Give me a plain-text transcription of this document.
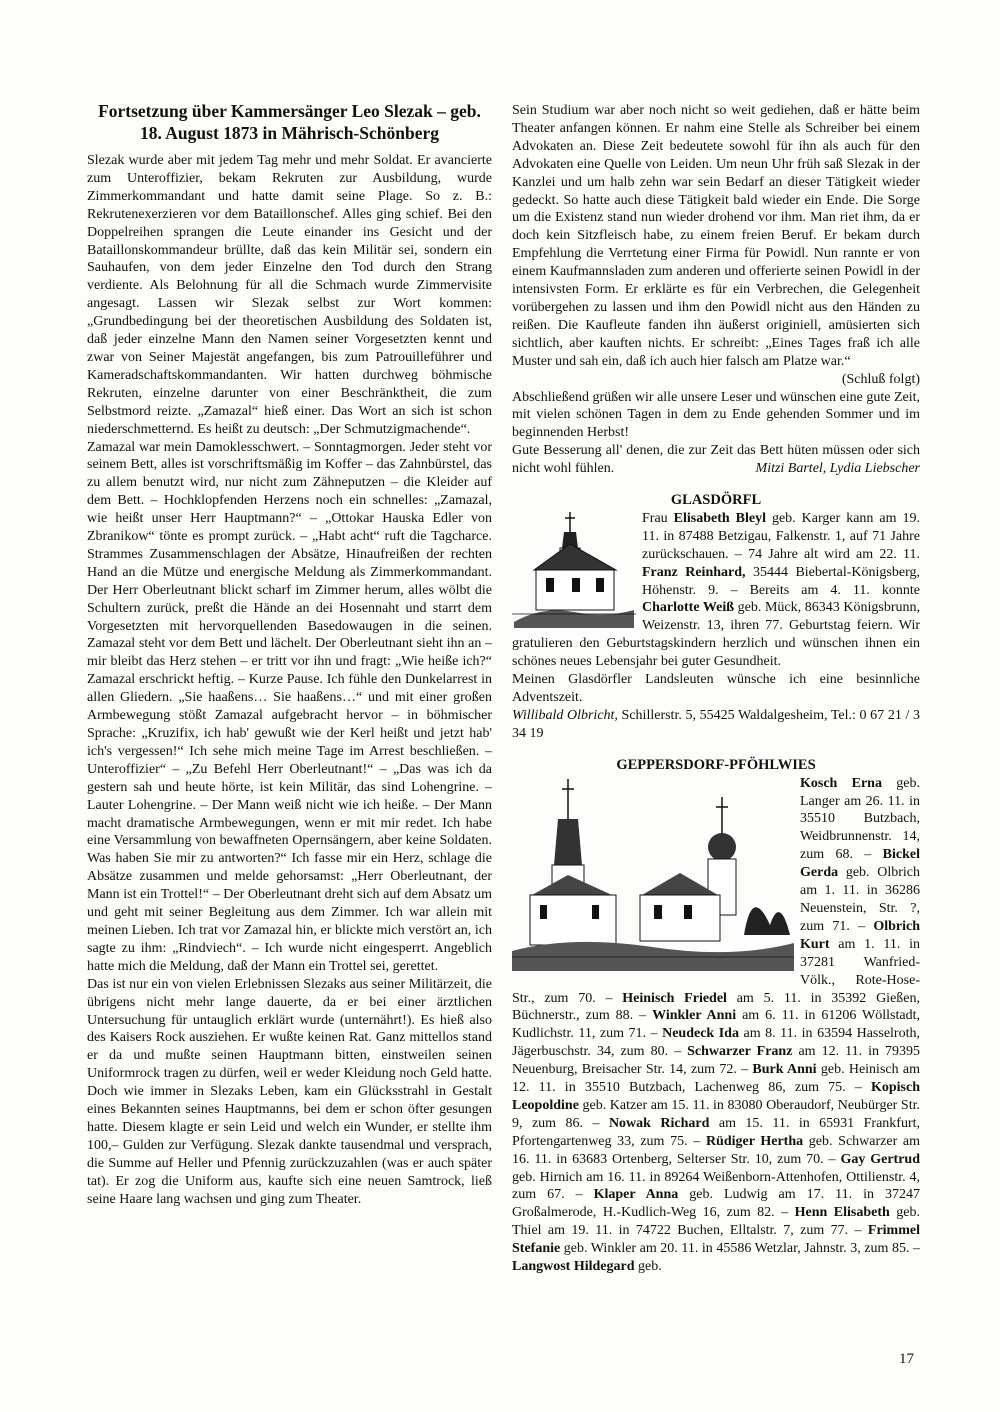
Fortsetzung über Kammersänger Leo Slezak – geb. 18. August 1873 in Mährisch-Schönberg

Slezak wurde aber mit jedem Tag mehr und mehr Soldat. Er avancierte zum Unteroffizier, bekam Rekruten zur Ausbildung, wurde Zimmerkommandant und hatte damit seine Plage. So z. B.: Rekrutenexerzieren vor dem Bataillonschef. Alles ging schief. Bei den Doppelreihen sprangen die Leute einander ins Gesicht und der Bataillonskommandeur brüllte, daß das kein Militär sei, sondern ein Sauhaufen, von dem jeder Einzelne den Tod durch den Strang verdiente. Als Belohnung für all die Schmach wurde Zimmervisite angesagt. Lassen wir Slezak selbst zur Wort kommen: „Grundbedingung bei der theoretischen Ausbildung des Soldaten ist, daß jeder einzelne Mann den Namen seiner Vorgesetzten kennt und zwar von Seiner Majestät angefangen, bis zum Patrouilleführer und Kameradschaftskommandanten. Wir hatten durchweg böhmische Rekruten, einzelne darunter von einer Beschränktheit, die zum Selbstmord reizte. „Zamazal“ hieß einer. Das Wort an sich ist schon niederschmetternd. Es heißt zu deutsch: „Der Schmutzigmachende“.

Zamazal war mein Damoklesschwert. – Sonntagmorgen. Jeder steht vor seinem Bett, alles ist vorschriftsmäßig im Koffer – das Zahnbürstel, das zu allem benutzt wird, nur nicht zum Zähneputzen – die Kleider auf dem Bett. – Hochklopfenden Herzens noch ein schnelles: „Zamazal, wie heißt unser Herr Hauptmann?“ – „Ottokar Hauska Edler von Zbranikow“ tönte es prompt zurück. – „Habt acht“ ruft die Tagcharce. Strammes Zusammenschlagen der Absätze, Hinaufreißen der rechten Hand an die Mütze und energische Meldung als Zimmerkommandant. Der Herr Oberleutnant blickt scharf im Zimmer herum, alles wölbt die Schultern zurück, preßt die Hände an dei Hosennaht und starrt dem Vorgesetzten mit hervorquellenden Basedowaugen in die seinen. Zamazal steht vor dem Bett und lächelt. Der Oberleutnant sieht ihn an – mir bleibt das Herz stehen – er tritt vor ihn und fragt: „Wie heiße ich?“ Zamazal erschrickt heftig. – Kurze Pause. Ich fühle den Dunkelarrest in allen Gliedern. „Sie haaßens… Sie haaßens…“ und mit einer großen Armbewegung stößt Zamazal aufgebracht hervor – in böhmischer Sprache: „Kruzifix, ich hab' gewußt wie der Kerl heißt und jetzt hab' ich's vergessen!“ Ich sehe mich meine Tage im Arrest beschließen. – Unteroffizier“ – „Zu Befehl Herr Oberleutnant!“ – „Das was ich da gestern sah und heute hörte, ist kein Militär, das sind Lohengrine. – Lauter Lohengrine. – Der Mann weiß nicht wie ich heiße. – Der Mann macht dramatische Armbewegungen, wenn er mit mir redet. Ich habe eine Versammlung von bewaffneten Opernsängern, aber keine Soldaten. Was haben Sie mir zu antworten?“ Ich fasse mir ein Herz, schlage die Absätze zusammen und melde gehorsamst: „Herr Oberleutnant, der Mann ist ein Trottel!“ – Der Oberleutnant dreht sich auf dem Absatz um und geht mit seiner Begleitung aus dem Zimmer. Ich war allein mit meinen Lieben. Ich trat vor Zamazal hin, er blickte mich verstört an, ich sagte zu ihm: „Rindviech“. – Ich wurde nicht eingesperrt. Angeblich hatte mich die Meldung, daß der Mann ein Trottel sei, gerettet.

Das ist nur ein von vielen Erlebnissen Slezaks aus seiner Militärzeit, die übrigens nicht mehr lange dauerte, da er bei einer ärztlichen Untersuchung für untauglich erklärt wurde (unternährt!). Es hieß also des Kaisers Rock ausziehen. Er wußte keinen Rat. Ganz mittellos stand er da und mußte seinen Hauptmann bitten, einstweilen seinen Uniformrock tragen zu dürfen, weil er weder Kleidung noch Geld hatte. Doch wie immer in Slezaks Leben, kam ein Glücksstrahl in Gestalt eines Bekannten seines Hauptmanns, bei dem er schon öfter gesungen hatte. Diesem klagte er sein Leid und welch ein Wunder, er stellte ihm 100,– Gulden zur Verfügung. Slezak dankte tausendmal und versprach, die Summe auf Heller und Pfennig zurückzuzahlen (was er auch später tat). Er zog die Uniform aus, kaufte sich eine neuen Samtrock, ließ seine Haare lang wachsen und ging zum Theater.

Sein Studium war aber noch nicht so weit gediehen, daß er hätte beim Theater anfangen können. Er nahm eine Stelle als Schreiber bei einem Advokaten an. Diese Zeit bedeutete sowohl für ihn als auch für den Advokaten eine Quelle von Leiden. Um neun Uhr früh saß Slezak in der Kanzlei und um halb zehn war sein Bedarf an dieser Tätigkeit wieder gedeckt. So hatte auch diese Tätigkeit bald wieder ein Ende. Die Sorge um die Existenz stand nun wieder drohend vor ihm. Man riet ihm, da er doch kein Sitzfleisch habe, zu einem freien Beruf. Er bekam durch Empfehlung die Verrtetung einer Firma für Powidl. Nun rannte er von einem Kaufmannsladen zum anderen und offerierte seinen Powidl in der intensivsten Form. Er erklärte es für ein Verbrechen, die Gelegenheit vorübergehen zu lassen und ihm den Powidl nicht aus den Händen zu reißen. Die Kaufleute fanden ihn äußerst originiell, amüsierten sich sichtlich, aber kauften nichts. Er schreibt: „Eines Tages fraß ich alle Muster und sah ein, daß ich auch hier falsch am Platze war.“
(Schluß folgt)

Abschließend grüßen wir alle unsere Leser und wünschen eine gute Zeit, mit vielen schönen Tagen in dem zu Ende gehenden Sommer und im beginnenden Herbst!

Gute Besserung all' denen, die zur Zeit das Bett hüten müssen oder sich nicht wohl fühlen.	Mitzi Bartel, Lydia Liebscher

GLASDÖRFL

Frau Elisabeth Bleyl geb. Karger kann am 19. 11. in 87488 Betzigau, Falkenstr. 1, auf 71 Jahre zurückschauen. – 74 Jahre alt wird am 22. 11. Franz Reinhard, 35444 Biebertal-Königsberg, Höhenstr. 9. – Bereits am 4. 11. konnte Charlotte Weiß geb. Mück, 86343 Königsbrunn, Weizenstr. 13, ihren 77. Geburtstag feiern. Wir gratulieren den Geburtstagskindern herzlich und wünschen ihnen ein schönes neues Lebensjahr bei guter Gesundheit.

Meinen Glasdörfler Landsleuten wünsche ich eine besinnliche Adventszeit.

Willibald Olbricht, Schillerstr. 5, 55425 Waldalgesheim, Tel.: 0 67 21 / 3 34 19

GEPPERSDORF-PFÖHLWIES

Kosch Erna geb. Langer am 26. 11. in 35510 Butzbach, Weidbrunnenstr. 14, zum 68. – Bickel Gerda geb. Olbrich am 1. 11. in 36286 Neuenstein, Str. ?, zum 71. – Olbrich Kurt am 1. 11. in 37281 Wanfried-Völk., Rote-Hose-Str., zum 70. – Heinisch Friedel am 5. 11. in 35392 Gießen, Büchnerstr., zum 88. – Winkler Anni am 6. 11. in 61206 Wöllstadt, Kudlichstr. 11, zum 71. – Neudeck Ida am 8. 11. in 63594 Hasselroth, Jägerbuschstr. 34, zum 80. – Schwarzer Franz am 12. 11. in 79395 Neuenburg, Breisacher Str. 14, zum 72. – Burk Anni geb. Heinisch am 12. 11. in 35510 Butzbach, Lachenweg 86, zum 75. – Kopisch Leopoldine geb. Katzer am 15. 11. in 83080 Oberaudorf, Neubürger Str. 9, zum 86. – Nowak Richard am 15. 11. in 65931 Frankfurt, Pfortengartenweg 33, zum 75. – Rüdiger Hertha geb. Schwarzer am 16. 11. in 63683 Ortenberg, Selterser Str. 10, zum 70. – Gay Gertrud geb. Hirnich am 16. 11. in 89264 Weißenborn-Attenhofen, Ottilienstr. 4, zum 67. – Klaper Anna geb. Ludwig am 17. 11. in 37247 Großalmerode, H.-Kudlich-Weg 16, zum 82. – Henn Elisabeth geb. Thiel am 19. 11. in 74722 Buchen, Elltalstr. 7, zum 77. – Frimmel Stefanie geb. Winkler am 20. 11. in 45586 Wetzlar, Jahnstr. 3, zum 85. – Langwost Hildegard geb.

17
